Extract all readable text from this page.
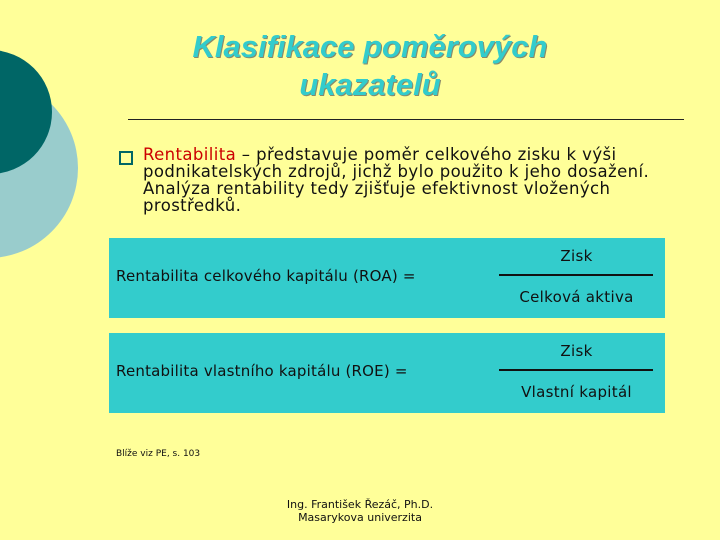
Klasifikace poměrových
ukazatelů
Rentabilita – představuje poměr celkového zisku k výši podnikatelských zdrojů, jichž bylo použito k jeho dosažení. Analýza rentability tedy zjišťuje efektivnost vložených prostředků.
Rentabilita celkového kapitálu (ROA) =
Zisk
Celková aktiva
Rentabilita vlastního kapitálu (ROE) =
Zisk
Vlastní kapitál
Blíže viz PE, s. 103
Ing. František Řezáč, Ph.D.
Masarykova univerzita
